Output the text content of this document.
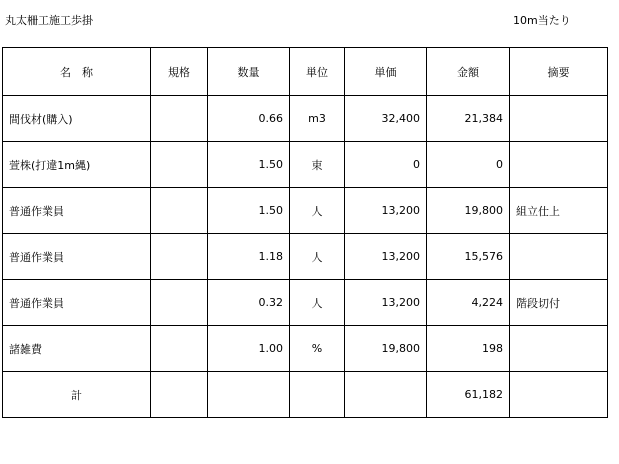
丸太柵工施工歩掛	10m当たり
名　称	規格	数量	単位	単価	金額	摘要
間伐材(購入)		0.66	m3	32,400	21,384	
萱株(打違1m縄)		1.50	束	0	0	
普通作業員		1.50	人	13,200	19,800	組立仕上
普通作業員		1.18	人	13,200	15,576	
普通作業員		0.32	人	13,200	4,224	階段切付
諸雑費		1.00	%	19,800	198	
計					61,182	
